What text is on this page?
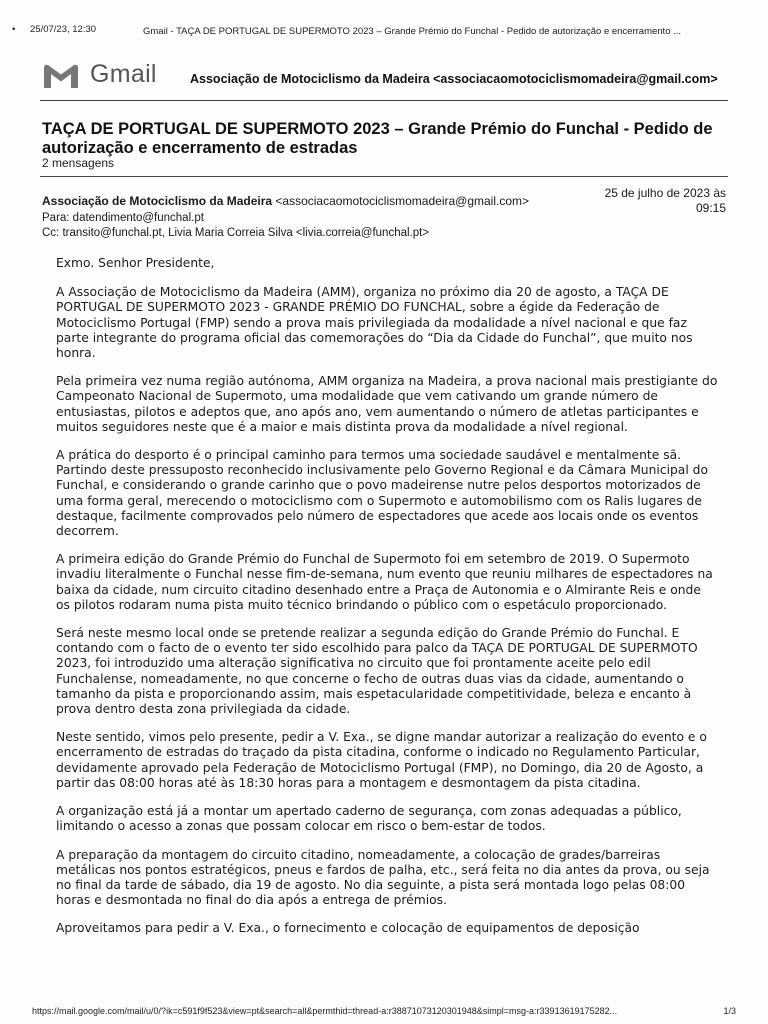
• 25/07/23, 12:30	Gmail - TAÇA DE PORTUGAL DE SUPERMOTO 2023 – Grande Prémio do Funchal - Pedido de autorização e encerramento ...
Gmail	Associação de Motociclismo da Madeira <associacaomotociclismomadeira@gmail.com>
TAÇA DE PORTUGAL DE SUPERMOTO 2023 – Grande Prémio do Funchal - Pedido de autorização e encerramento de estradas
2 mensagens
Associação de Motociclismo da Madeira <associacaomotociclismomadeira@gmail.com>
25 de julho de 2023 às
09:15
Para: datendimento@funchal.pt
Cc: transito@funchal.pt, Livia Maria Correia Silva <livia.correia@funchal.pt>

Exmo. Senhor Presidente,

A Associação de Motociclismo da Madeira (AMM), organiza no próximo dia 20 de agosto, a TAÇA DE PORTUGAL DE SUPERMOTO 2023 - GRANDE PRÉMIO DO FUNCHAL, sobre a égide da Federação de Motociclismo Portugal (FMP) sendo a prova mais privilegiada da modalidade a nível nacional e que faz parte integrante do programa oficial das comemorações do “Dia da Cidade do Funchal”, que muito nos honra.

Pela primeira vez numa região autónoma, AMM organiza na Madeira, a prova nacional mais prestigiante do Campeonato Nacional de Supermoto, uma modalidade que vem cativando um grande número de entusiastas, pilotos e adeptos que, ano após ano, vem aumentando o número de atletas participantes e muitos seguidores neste que é a maior e mais distinta prova da modalidade a nível regional.

A prática do desporto é o principal caminho para termos uma sociedade saudável e mentalmente sã. Partindo deste pressuposto reconhecido inclusivamente pelo Governo Regional e da Câmara Municipal do Funchal, e considerando o grande carinho que o povo madeirense nutre pelos desportos motorizados de uma forma geral, merecendo o motociclismo com o Supermoto e automobilismo com os Ralis lugares de destaque, facilmente comprovados pelo número de espectadores que acede aos locais onde os eventos decorrem.

A primeira edição do Grande Prémio do Funchal de Supermoto foi em setembro de 2019. O Supermoto invadiu literalmente o Funchal nesse fim-de-semana, num evento que reuniu milhares de espectadores na baixa da cidade, num circuito citadino desenhado entre a Praça de Autonomia e o Almirante Reis e onde os pilotos rodaram numa pista muito técnico brindando o público com o espetáculo proporcionado.

Será neste mesmo local onde se pretende realizar a segunda edição do Grande Prémio do Funchal. E contando com o facto de o evento ter sido escolhido para palco da TAÇA DE PORTUGAL DE SUPERMOTO 2023, foi introduzido uma alteração significativa no circuito que foi prontamente aceite pelo edil Funchalense, nomeadamente, no que concerne o fecho de outras duas vias da cidade, aumentando o tamanho da pista e proporcionando assim, mais espetacularidade competitividade, beleza e encanto à prova dentro desta zona privilegiada da cidade.

Neste sentido, vimos pelo presente, pedir a V. Exa., se digne mandar autorizar a realização do evento e o encerramento de estradas do traçado da pista citadina, conforme o indicado no Regulamento Particular, devidamente aprovado pela Federação de Motociclismo Portugal (FMP), no Domingo, dia 20 de Agosto, a partir das 08:00 horas até às 18:30 horas para a montagem e desmontagem da pista citadina.

A organização está já a montar um apertado caderno de segurança, com zonas adequadas a público, limitando o acesso a zonas que possam colocar em risco o bem-estar de todos.

A preparação da montagem do circuito citadino, nomeadamente, a colocação de grades/barreiras metálicas nos pontos estratégicos, pneus e fardos de palha, etc., será feita no dia antes da prova, ou seja no final da tarde de sábado, dia 19 de agosto. No dia seguinte, a pista será montada logo pelas 08:00 horas e desmontada no final do dia após a entrega de prémios.

Aproveitamos para pedir a V. Exa., o fornecimento e colocação de equipamentos de deposição

https://mail.google.com/mail/u/0/?ik=c591f9f523&view=pt&search=all&permthid=thread-a:r38871073120301948&simpl=msg-a:r33913619175282...	1/3
